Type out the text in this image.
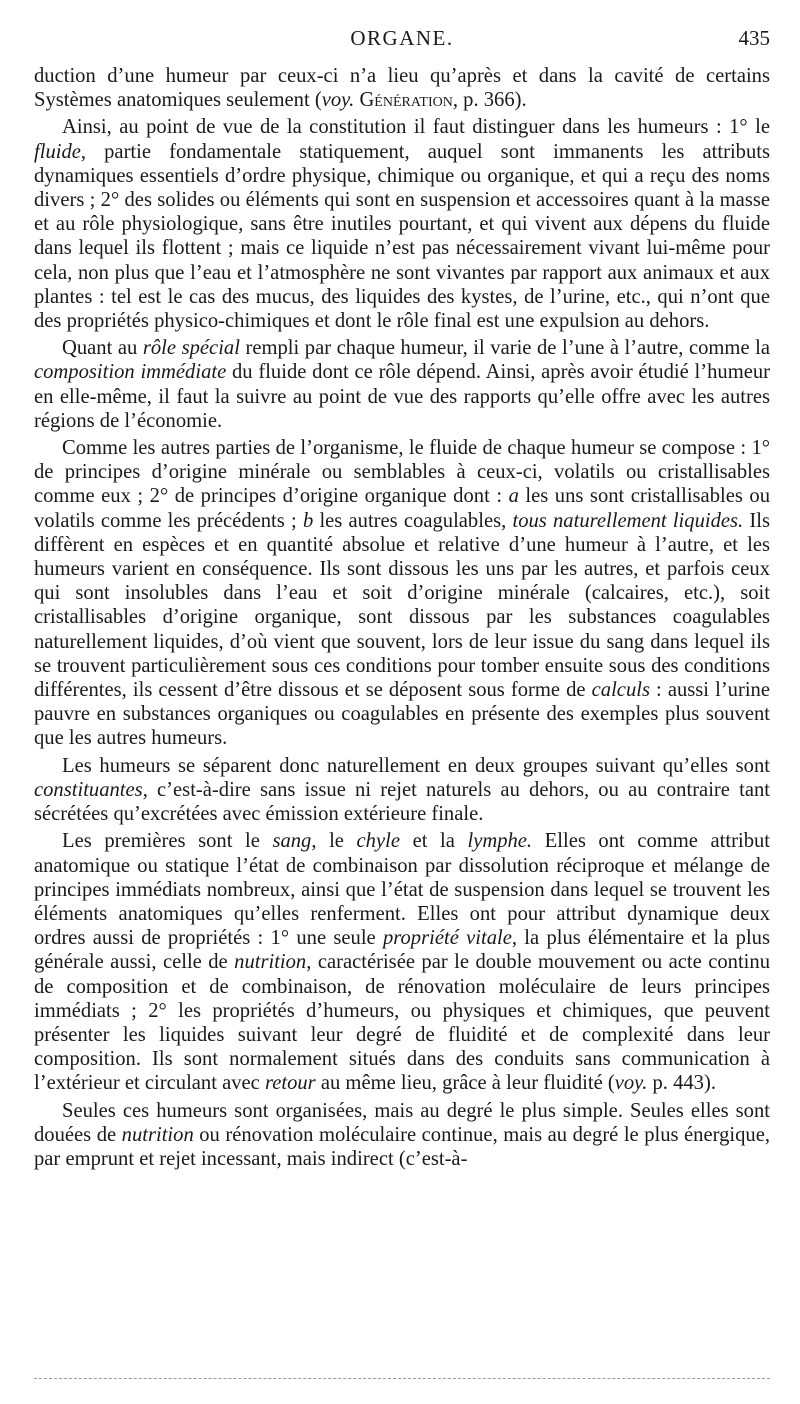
ORGANE.	435

duction d’une humeur par ceux-ci n’a lieu qu’après et dans la cavité de certains Systèmes anatomiques seulement (voy. Génération, p. 366).

Ainsi, au point de vue de la constitution il faut distinguer dans les humeurs : 1° le fluide, partie fondamentale statiquement, auquel sont immanents les attributs dynamiques essentiels d’ordre physique, chimique ou organique, et qui a reçu des noms divers ; 2° des solides ou éléments qui sont en suspension et accessoires quant à la masse et au rôle physiologique, sans être inutiles pourtant, et qui vivent aux dépens du fluide dans lequel ils flottent ; mais ce liquide n’est pas nécessairement vivant lui-même pour cela, non plus que l’eau et l’atmosphère ne sont vivantes par rapport aux animaux et aux plantes : tel est le cas des mucus, des liquides des kystes, de l’urine, etc., qui n’ont que des propriétés physico-chimiques et dont le rôle final est une expulsion au dehors.

Quant au rôle spécial rempli par chaque humeur, il varie de l’une à l’autre, comme la composition immédiate du fluide dont ce rôle dépend. Ainsi, après avoir étudié l’humeur en elle-même, il faut la suivre au point de vue des rapports qu’elle offre avec les autres régions de l’économie.

Comme les autres parties de l’organisme, le fluide de chaque humeur se compose : 1° de principes d’origine minérale ou semblables à ceux-ci, volatils ou cristallisables comme eux ; 2° de principes d’origine organique dont : a les uns sont cristallisables ou volatils comme les précédents ; b les autres coagulables, tous naturellement liquides. Ils diffèrent en espèces et en quantité absolue et relative d’une humeur à l’autre, et les humeurs varient en conséquence. Ils sont dissous les uns par les autres, et parfois ceux qui sont insolubles dans l’eau et soit d’origine minérale (calcaires, etc.), soit cristallisables d’origine organique, sont dissous par les substances coagulables naturellement liquides, d’où vient que souvent, lors de leur issue du sang dans lequel ils se trouvent particulièrement sous ces conditions pour tomber ensuite sous des conditions différentes, ils cessent d’être dissous et se déposent sous forme de calculs : aussi l’urine pauvre en substances organiques ou coagulables en présente des exemples plus souvent que les autres humeurs.

Les humeurs se séparent donc naturellement en deux groupes suivant qu’elles sont constituantes, c’est-à-dire sans issue ni rejet naturels au dehors, ou au contraire tant sécrétées qu’excrétées avec émission extérieure finale.

Les premières sont le sang, le chyle et la lymphe. Elles ont comme attribut anatomique ou statique l’état de combinaison par dissolution réciproque et mélange de principes immédiats nombreux, ainsi que l’état de suspension dans lequel se trouvent les éléments anatomiques qu’elles renferment. Elles ont pour attribut dynamique deux ordres aussi de propriétés : 1° une seule propriété vitale, la plus élémentaire et la plus générale aussi, celle de nutrition, caractérisée par le double mouvement ou acte continu de composition et de combinaison, de rénovation moléculaire de leurs principes immédiats ; 2° les propriétés d’humeurs, ou physiques et chimiques, que peuvent présenter les liquides suivant leur degré de fluidité et de complexité dans leur composition. Ils sont normalement situés dans des conduits sans communication à l’extérieur et circulant avec retour au même lieu, grâce à leur fluidité (voy. p. 443).

Seules ces humeurs sont organisées, mais au degré le plus simple. Seules elles sont douées de nutrition ou rénovation moléculaire continue, mais au degré le plus énergique, par emprunt et rejet incessant, mais indirect (c’est-à-
